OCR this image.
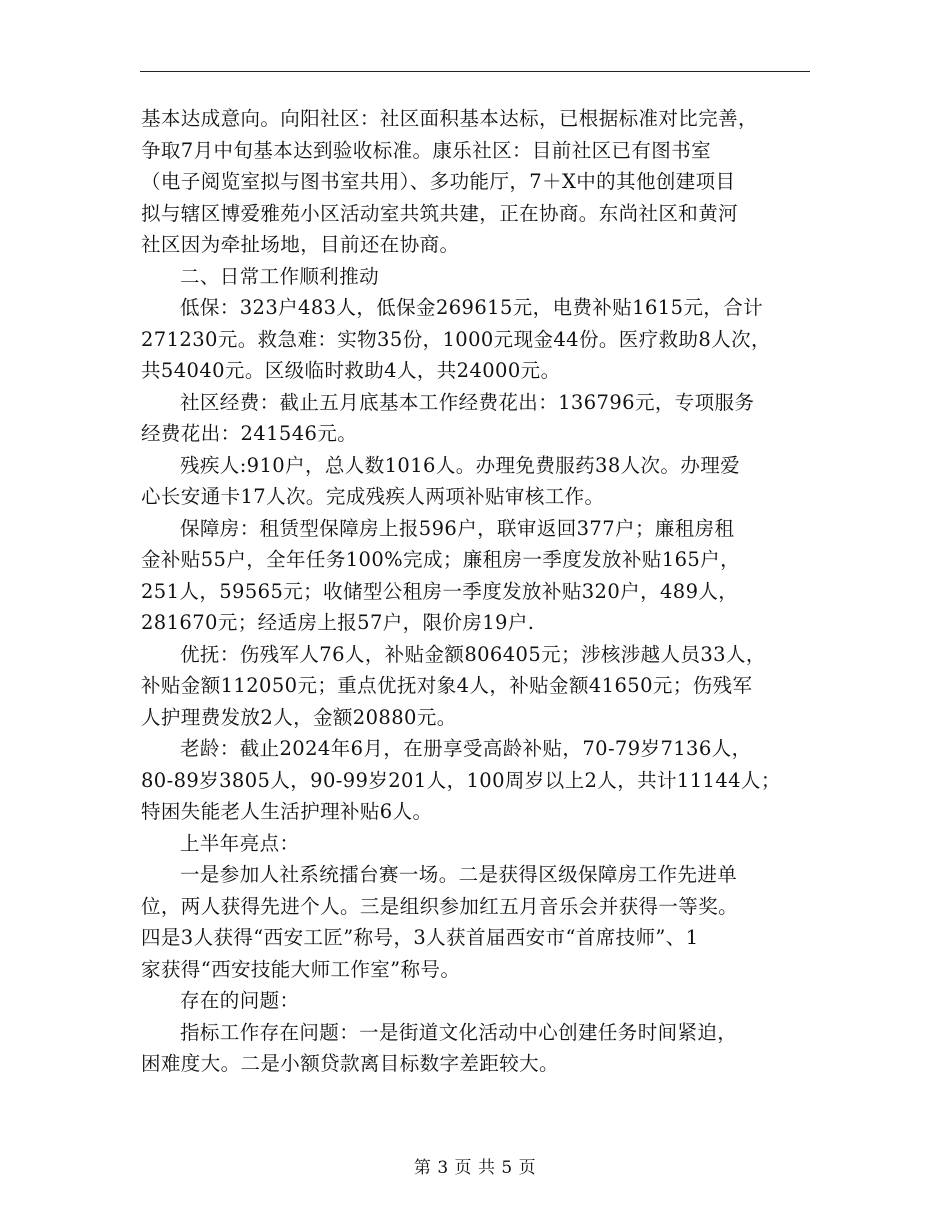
基本达成意向。向阳社区：社区面积基本达标，已根据标准对比完善，
争取7月中旬基本达到验收标准。康乐社区：目前社区已有图书室
（电子阅览室拟与图书室共用）、多功能厅，7＋X中的其他创建项目
拟与辖区博爱雅苑小区活动室共筑共建，正在协商。东尚社区和黄河
社区因为牵扯场地，目前还在协商。

二、日常工作顺利推动

低保：323户483人，低保金269615元，电费补贴1615元，合计
271230元。救急难：实物35份，1000元现金44份。医疗救助8人次，
共54040元。区级临时救助4人，共24000元。

社区经费：截止五月底基本工作经费花出：136796元，专项服务
经费花出：241546元。

残疾人:910户，总人数1016人。办理免费服药38人次。办理爱
心长安通卡17人次。完成残疾人两项补贴审核工作。

保障房：租赁型保障房上报596户，联审返回377户；廉租房租
金补贴55户，全年任务100%完成；廉租房一季度发放补贴165户，
251人，59565元；收储型公租房一季度发放补贴320户，489人，
281670元；经适房上报57户，限价房19户.

优抚：伤残军人76人，补贴金额806405元；涉核涉越人员33人，
补贴金额112050元；重点优抚对象4人，补贴金额41650元；伤残军
人护理费发放2人，金额20880元。

老龄：截止2024年6月，在册享受高龄补贴，70-79岁7136人，
80-89岁3805人，90-99岁201人，100周岁以上2人，共计11144人；
特困失能老人生活护理补贴6人。

上半年亮点：

一是参加人社系统擂台赛一场。二是获得区级保障房工作先进单
位，两人获得先进个人。三是组织参加红五月音乐会并获得一等奖。
四是3人获得“西安工匠”称号，3人获首届西安市“首席技师”、1
家获得“西安技能大师工作室”称号。

存在的问题：

指标工作存在问题：一是街道文化活动中心创建任务时间紧迫，
困难度大。二是小额贷款离目标数字差距较大。

第 3 页 共 5 页
